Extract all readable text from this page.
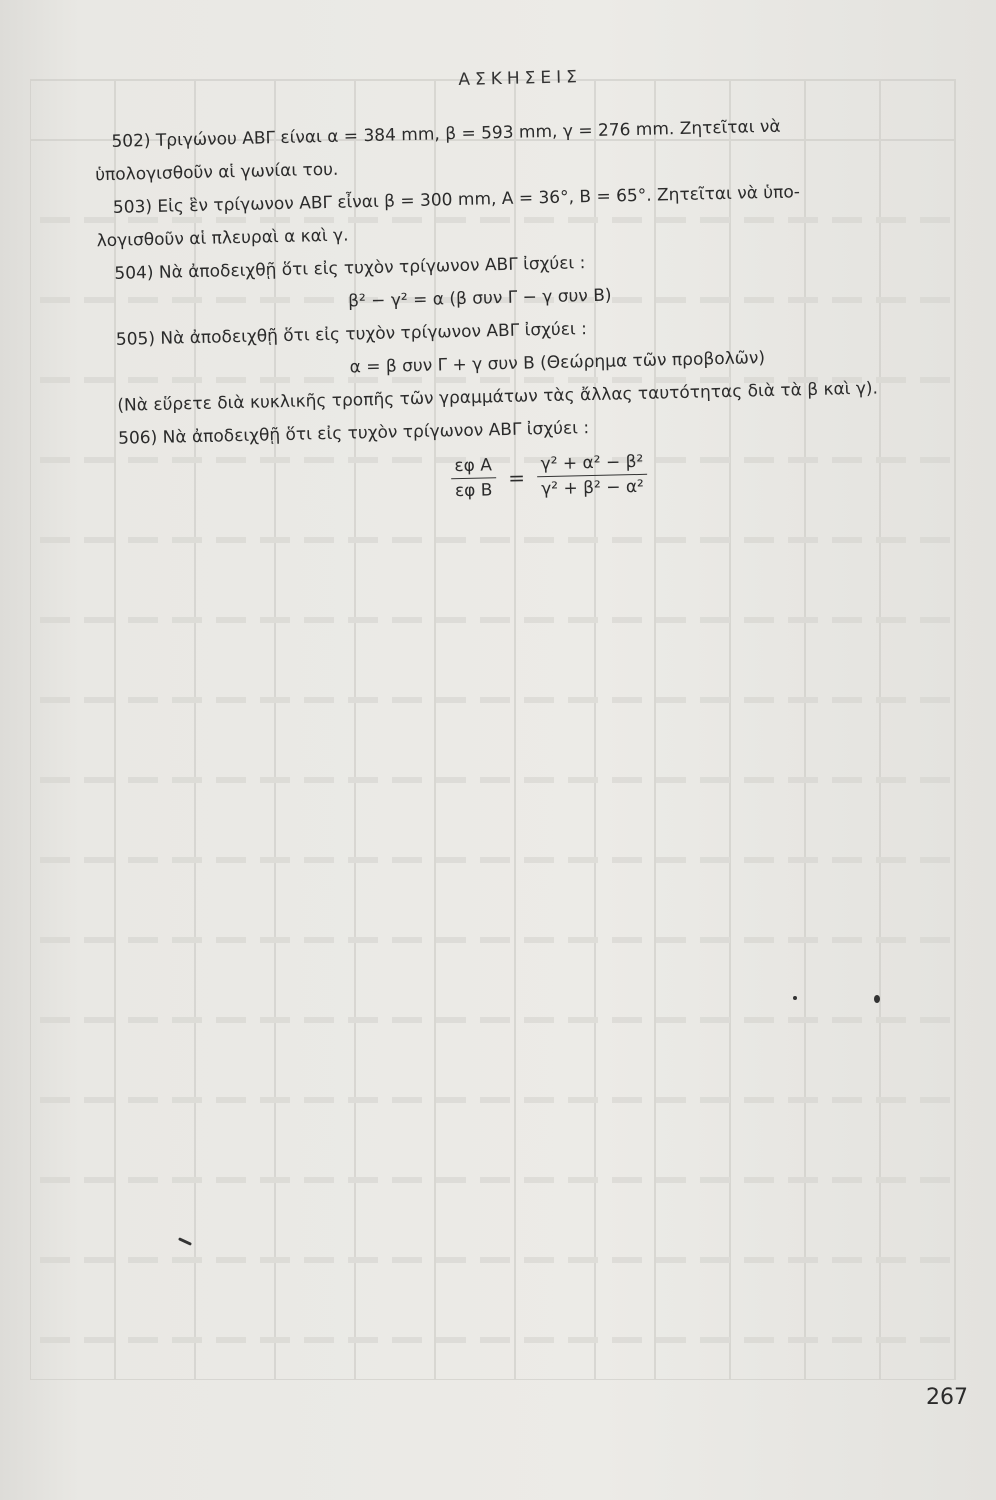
ΑΣΚΗΣΕΙΣ
502) Τριγώνου ΑΒΓ είναι α = 384 mm, β = 593 mm, γ = 276 mm. Ζητεῖται νὰ
ὑπολογισθοῦν αἱ γωνίαι του.
503) Εἰς ἓν τρίγωνον ΑΒΓ εἶναι β = 300 mm, Α = 36°, Β = 65°. Ζητεῖται νὰ ὑπο-
λογισθοῦν αἱ πλευραὶ α καὶ γ.
504) Νὰ ἀποδειχθῇ ὅτι εἰς τυχὸν τρίγωνον ΑΒΓ ἰσχύει :
β² − γ² = α (β συν Γ − γ συν Β)
505) Νὰ ἀποδειχθῇ ὅτι εἰς τυχὸν τρίγωνον ΑΒΓ ἰσχύει :
α = β συν Γ + γ συν Β (Θεώρημα τῶν προβολῶν)
(Νὰ εὕρετε διὰ κυκλικῆς τροπῆς τῶν γραμμάτων τὰς ἄλλας ταυτότητας διὰ τὰ β καὶ γ).
506) Νὰ ἀποδειχθῇ ὅτι εἰς τυχὸν τρίγωνον ΑΒΓ ἰσχύει :
$\frac{\text{εφ Α}}{\text{εφ Β}} = \frac{\text{γ² + α² − β²}}{\text{γ² + β² − α²}}$
267
